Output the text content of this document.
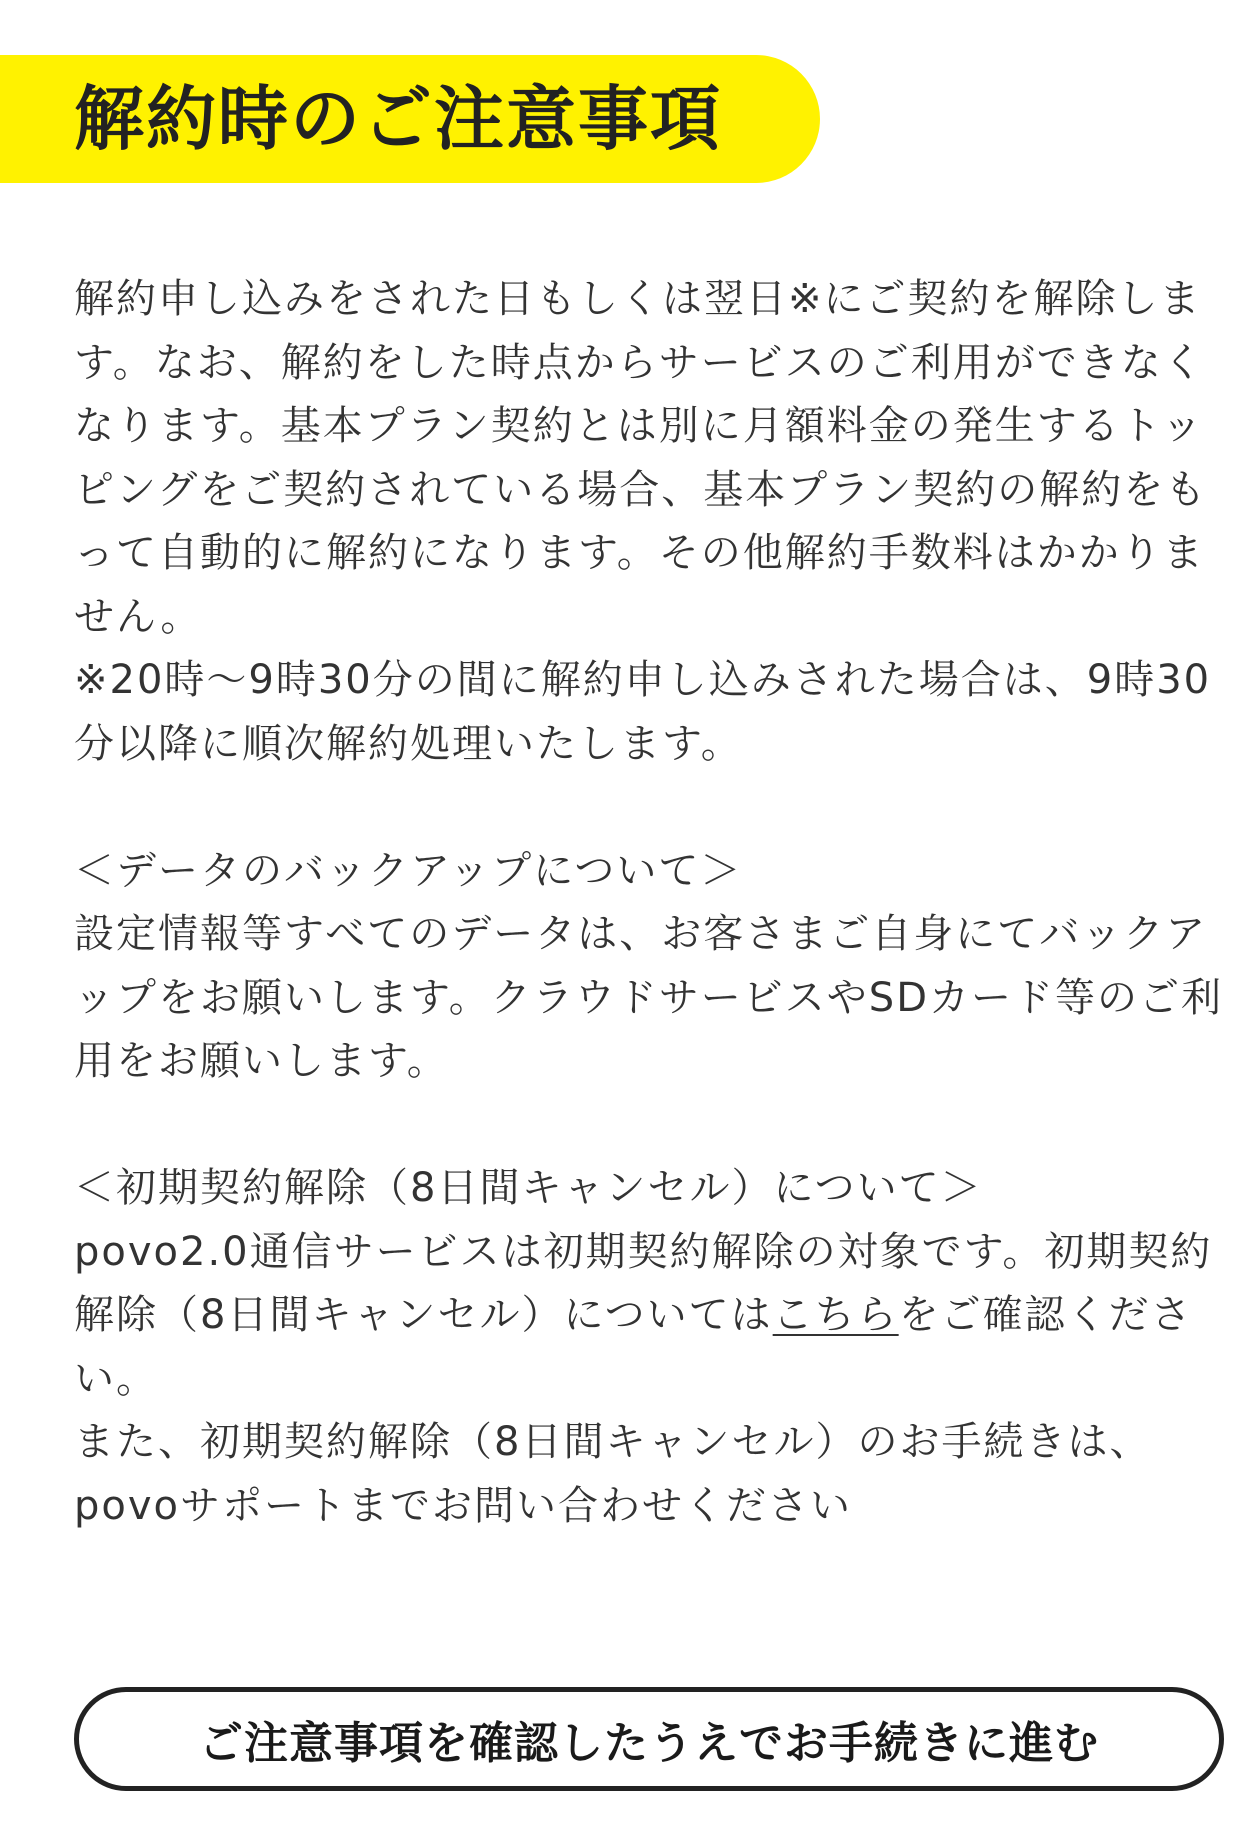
解約時のご注意事項

解約申し込みをされた日もしくは翌日※にご契約を解除します。なお、解約をした時点からサービスのご利用ができなくなります。基本プラン契約とは別に月額料金の発生するトッピングをご契約されている場合、基本プラン契約の解約をもって自動的に解約になります。その他解約手数料はかかりません。
※20時〜9時30分の間に解約申し込みされた場合は、9時30分以降に順次解約処理いたします。

＜データのバックアップについて＞
設定情報等すべてのデータは、お客さまご自身にてバックアップをお願いします。クラウドサービスやSDカード等のご利用をお願いします。

＜初期契約解除（8日間キャンセル）について＞
povo2.0通信サービスは初期契約解除の対象です。初期契約解除（8日間キャンセル）についてはこちらをご確認ください。
また、初期契約解除（8日間キャンセル）のお手続きは、povoサポートまでお問い合わせください

ご注意事項を確認したうえでお手続きに進む
